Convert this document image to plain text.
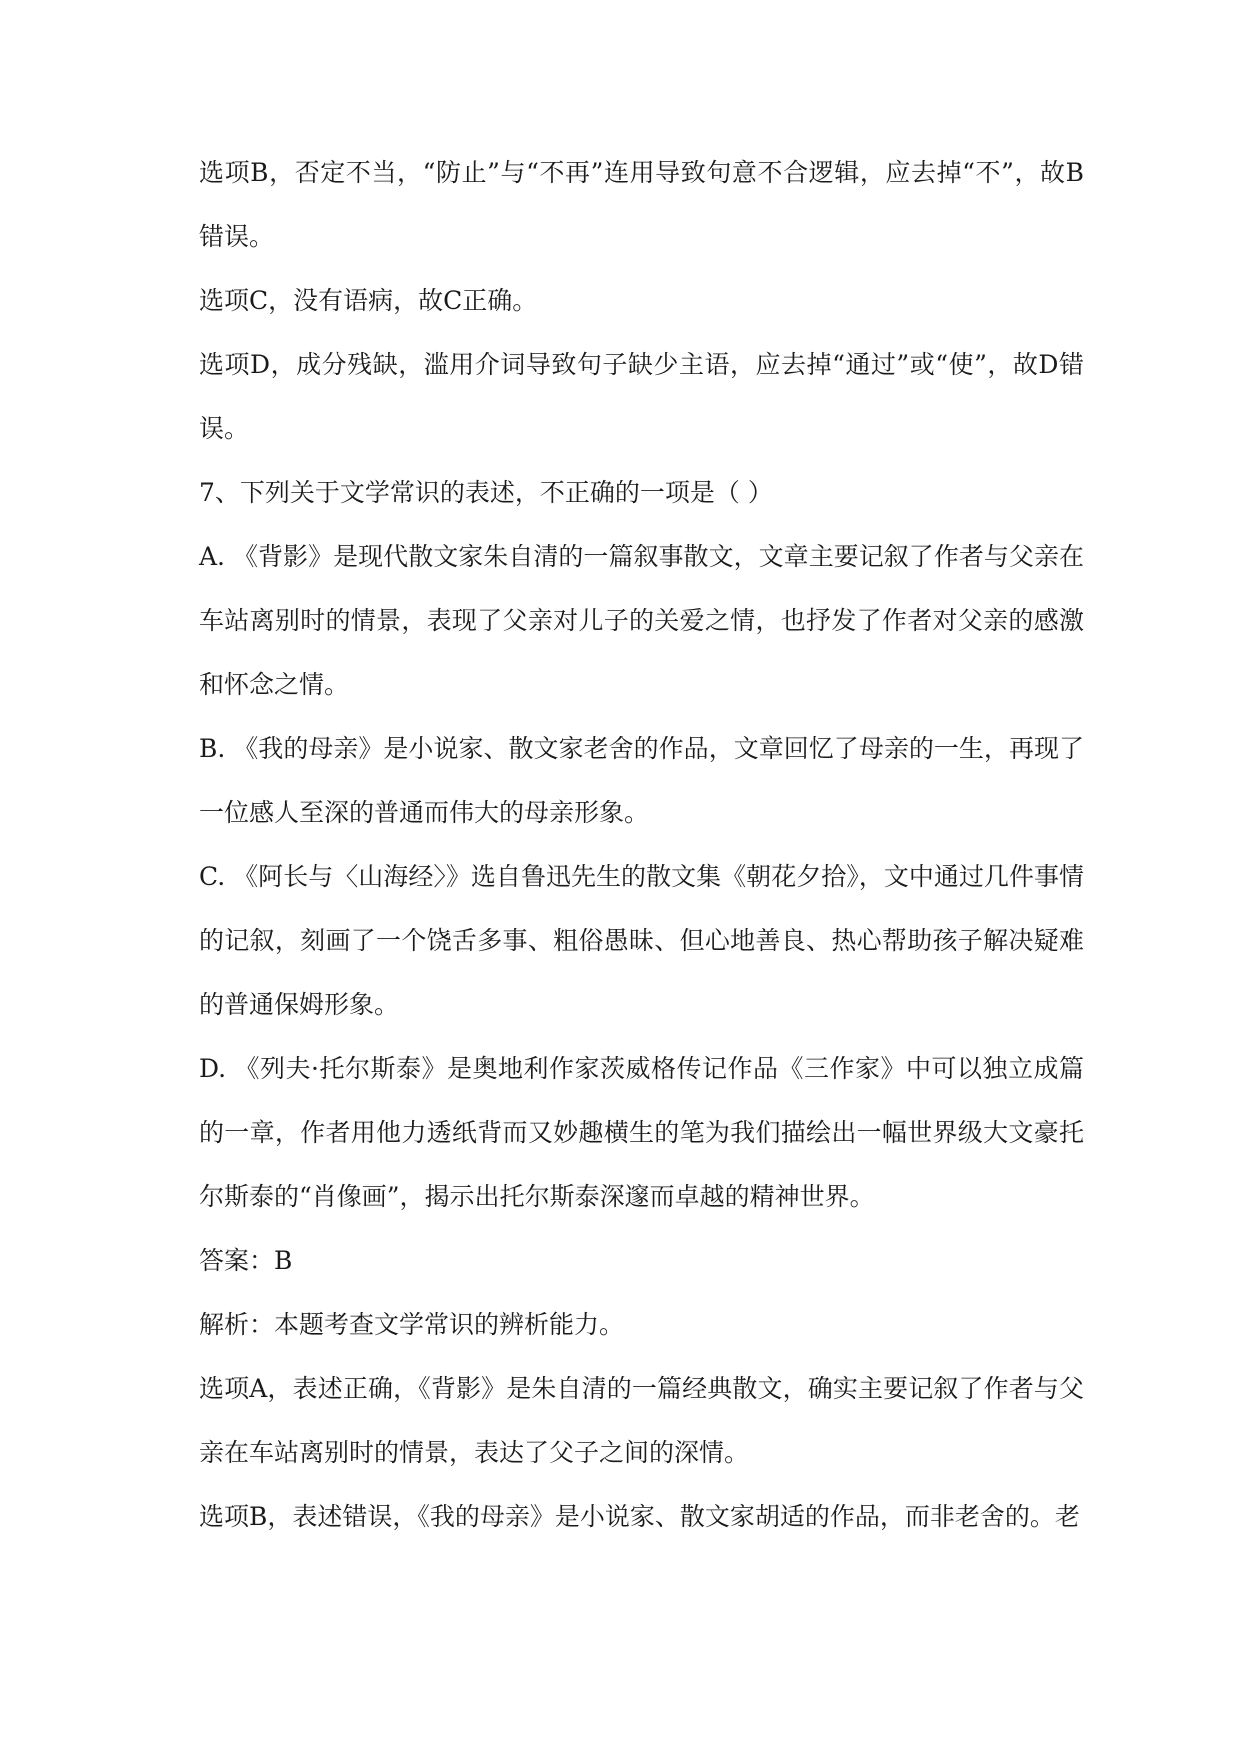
选项B，否定不当，“防止”与“不再”连用导致句意不合逻辑，应去掉“不”，故B错误。

选项C，没有语病，故C正确。

选项D，成分残缺，滥用介词导致句子缺少主语，应去掉“通过”或“使”，故D错误。

7、下列关于文学常识的表述，不正确的一项是（ ）

A. 《背影》是现代散文家朱自清的一篇叙事散文，文章主要记叙了作者与父亲在车站离别时的情景，表现了父亲对儿子的关爱之情，也抒发了作者对父亲的感激和怀念之情。

B. 《我的母亲》是小说家、散文家老舍的作品，文章回忆了母亲的一生，再现了一位感人至深的普通而伟大的母亲形象。

C. 《阿长与〈山海经〉》选自鲁迅先生的散文集《朝花夕拾》，文中通过几件事情的记叙，刻画了一个饶舌多事、粗俗愚昧、但心地善良、热心帮助孩子解决疑难的普通保姆形象。

D. 《列夫·托尔斯泰》是奥地利作家茨威格传记作品《三作家》中可以独立成篇的一章，作者用他力透纸背而又妙趣横生的笔为我们描绘出一幅世界级大文豪托尔斯泰的“肖像画”，揭示出托尔斯泰深邃而卓越的精神世界。

答案：B

解析：本题考查文学常识的辨析能力。

选项A，表述正确，《背影》是朱自清的一篇经典散文，确实主要记叙了作者与父亲在车站离别时的情景，表达了父子之间的深情。

选项B，表述错误，《我的母亲》是小说家、散文家胡适的作品，而非老舍的。老
